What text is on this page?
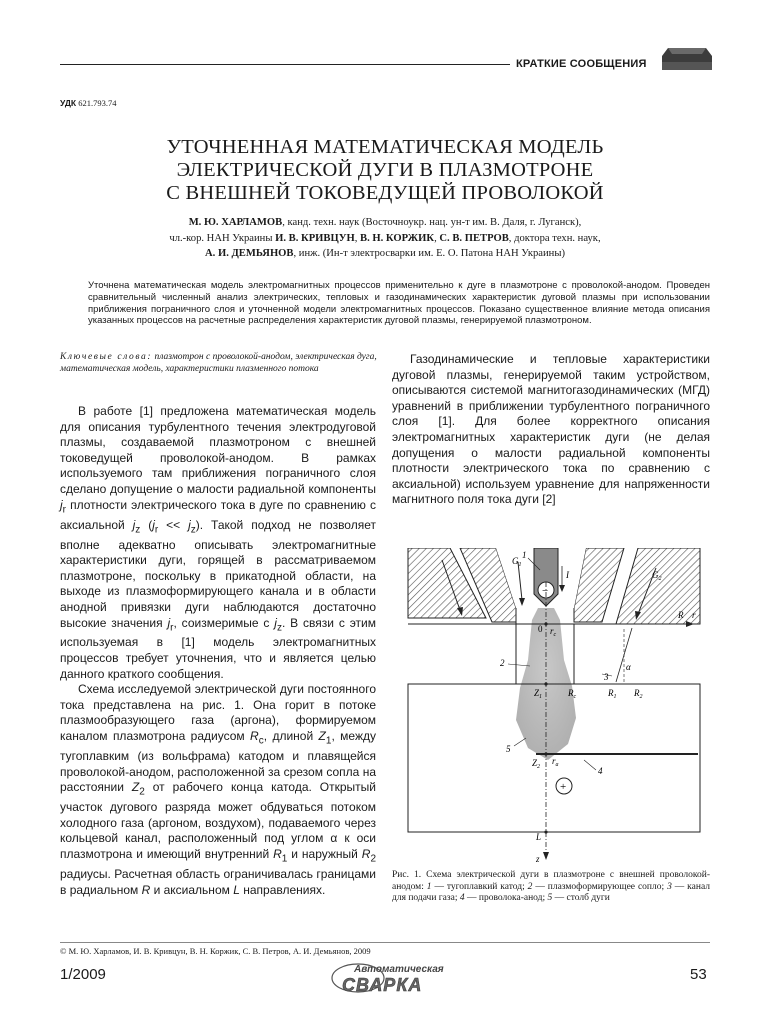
КРАТКИЕ СООБЩЕНИЯ
УДК 621.793.74
УТОЧНЕННАЯ МАТЕМАТИЧЕСКАЯ МОДЕЛЬ
ЭЛЕКТРИЧЕСКОЙ ДУГИ В ПЛАЗМОТРОНЕ
С ВНЕШНЕЙ ТОКОВЕДУЩЕЙ ПРОВОЛОКОЙ
М. Ю. ХАРЛАМОВ, канд. техн. наук (Восточноукр. нац. ун-т им. В. Даля, г. Луганск),
чл.-кор. НАН Украины И. В. КРИВЦУН, В. Н. КОРЖИК, С. В. ПЕТРОВ, доктора техн. наук,
А. И. ДЕМЬЯНОВ, инж. (Ин-т электросварки им. Е. О. Патона НАН Украины)
Уточнена математическая модель электромагнитных процессов применительно к дуге в плазмотроне с проволокой-анодом. Проведен сравнительный численный анализ электрических, тепловых и газодинамических характеристик дуговой плазмы при использовании приближения пограничного слоя и уточненной модели электромагнитных процессов. Показано существенное влияние метода описания указанных процессов на расчетные распределения характеристик дуговой плазмы, генерируемой плазмотроном.
Ключевые слова: плазмотрон с проволокой-анодом, электрическая дуга, математическая модель, характеристики плазменного потока

В работе [1] предложена математическая модель для описания турбулентного течения электродуговой плазмы, создаваемой плазмотроном с внешней токоведущей проволокой-анодом. В рамках используемого там приближения пограничного слоя сделано допущение о малости радиальной компоненты $j_r$ плотности электрического тока в дуге по сравнению с аксиальной $j_z$ $(j_r << j_z)$. Такой подход не позволяет вполне адекватно описывать электромагнитные характеристики дуги, горящей в рассматриваемом плазмотроне, поскольку в прикатодной области, на выходе из плазмоформирующего канала и в области анодной привязки дуги наблюдаются достаточно высокие значения $j_r$, соизмеримые с $j_z$. В связи с этим используемая в [1] модель электромагнитных процессов требует уточнения, что и является целью данного краткого сообщения.

Схема исследуемой электрической дуги постоянного тока представлена на рис. 1. Она горит в потоке плазмообразующего газа (аргона), формируемом каналом плазмотрона радиусом $R_c$, длиной $Z_1$, между тугоплавким (из вольфрама) катодом и плавящейся проволокой-анодом, расположенной за срезом сопла на расстоянии $Z_2$ от рабочего конца катода. Открытый участок дугового разряда может обдуваться потоком холодного газа (аргоном, воздухом), подаваемого через кольцевой канал, расположенный под углом α к оси плазмотрона и имеющий внутренний $R_1$ и наружный $R_2$ радиусы. Расчетная область ограничивалась границами в радиальном R и аксиальном L направлениях.

Газодинамические и тепловые характеристики дуговой плазмы, генерируемой таким устройством, описываются системой магнитогазодинамических (МГД) уравнений в приближении турбулентного пограничного слоя [1]. Для более корректного описания электромагнитных характеристик дуги (не делая допущения о малости радиальной компоненты плотности электрического тока по сравнению с аксиальной) используем уравнение для напряженности магнитного поля тока дуги [2]

$G_1$
$G_2$
I
−
+
R r
0 $r_c$
$Z_1$	$R_c$	$R_1$ $R_2$
$Z_2$
$r_a$
α
L
z
1
2
3
4
5
Рис. 1. Схема электрической дуги в плазмотроне с внешней проволокой-анодом: 1 — тугоплавкий катод; 2 — плазмоформирующее сопло; 3 — канал для подачи газа; 4 — проволока-анод; 5 — столб дуги
© М. Ю. Харламов, И. В. Кривцун, В. Н. Коржик, С. В. Петров, А. И. Демьянов, 2009
1/2009	Автоматическая
СВАРКА
53
